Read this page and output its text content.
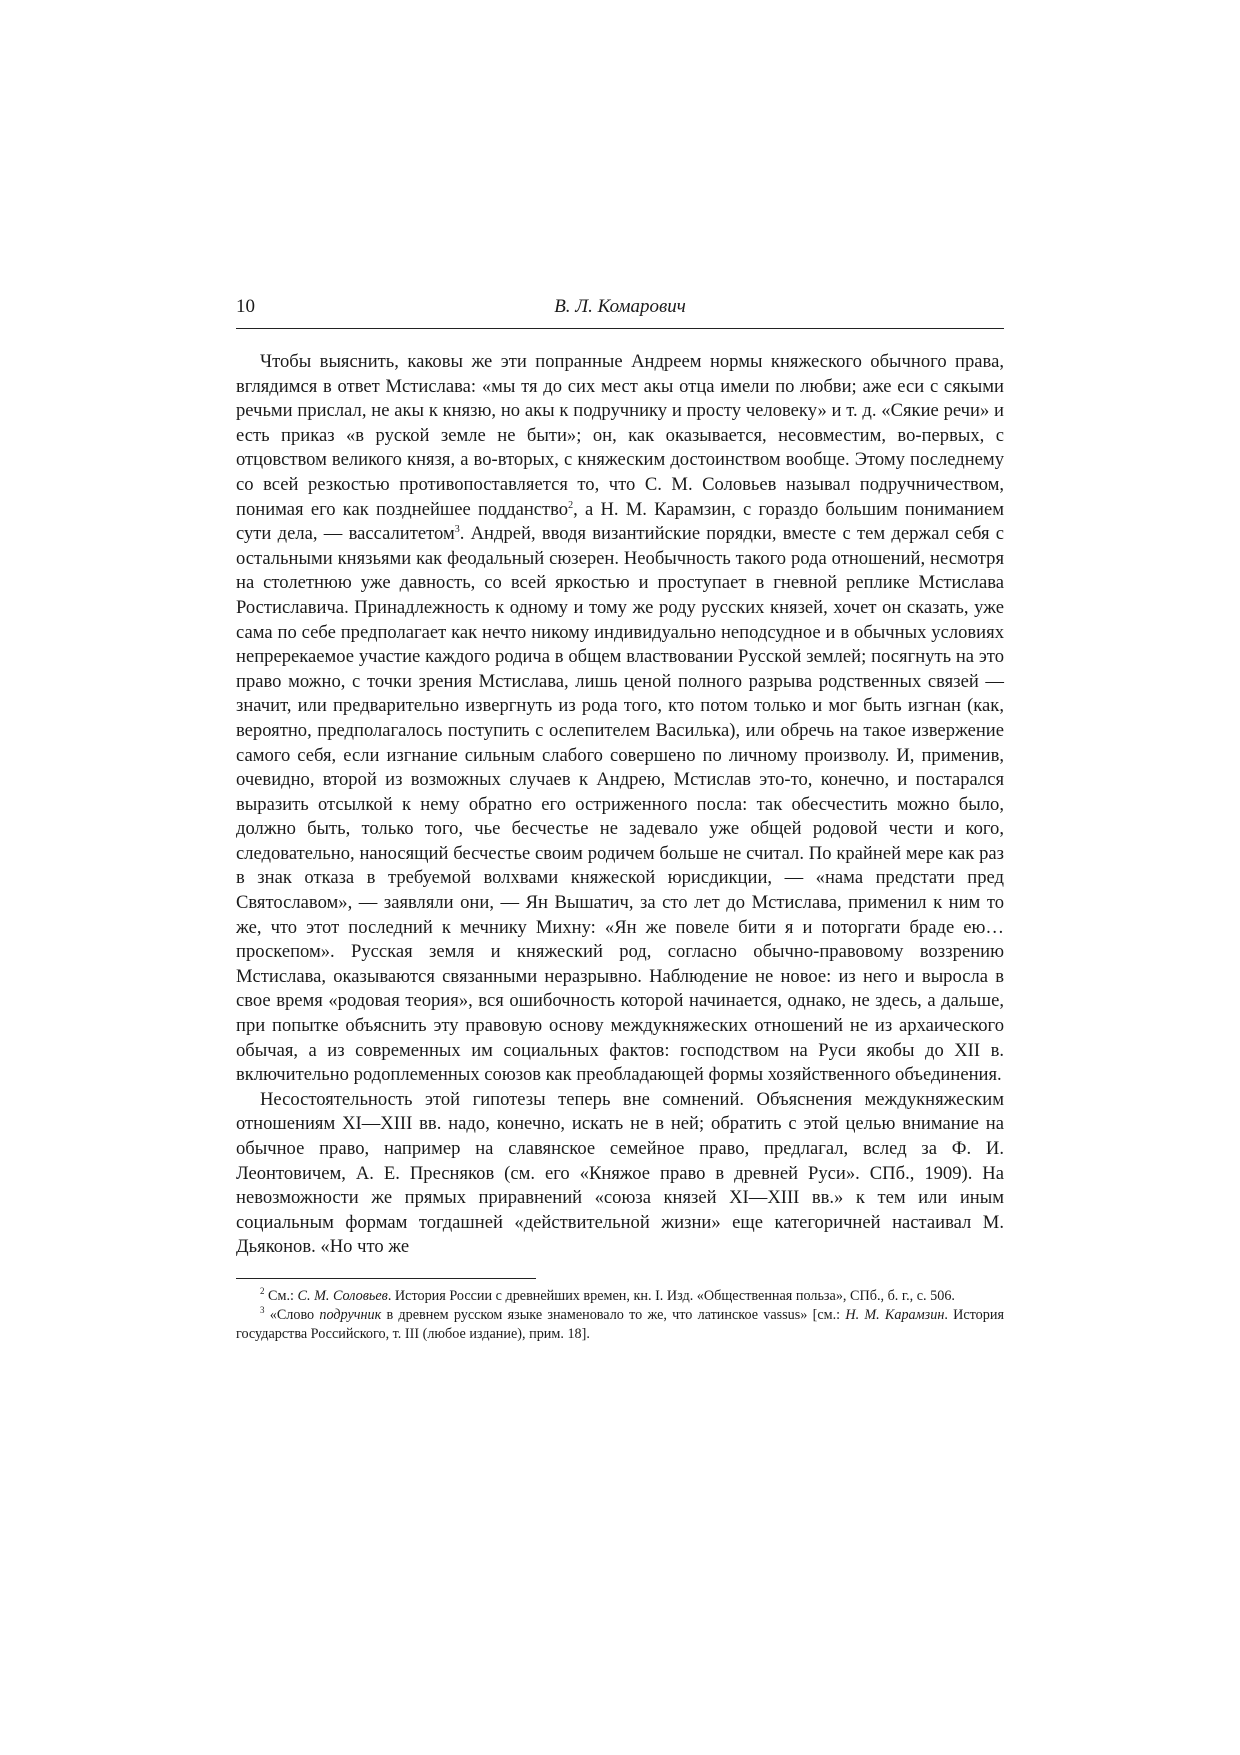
10	В. Л. Комарович

Чтобы выяснить, каковы же эти попранные Андреем нормы княжеского обычного права, вглядимся в ответ Мстислава: «мы тя до сих мест акы отца имели по любви; аже еси с сякыми речьми прислал, не акы к князю, но акы к подручнику и просту человеку» и т. д. «Сякие речи» и есть приказ «в руской земле не быти»; он, как оказывается, несовместим, во-первых, с отцовством великого князя, а во-вторых, с княжеским достоинством вообще. Этому последнему со всей резкостью противопоставляется то, что С. М. Соловьев называл подручничеством, понимая его как позднейшее подданство$^2$, а Н. М. Карамзин, с гораздо большим пониманием сути дела, — вассалитетом$^3$. Андрей, вводя византийские порядки, вместе с тем держал себя с остальными князьями как феодальный сюзерен. Необычность такого рода отношений, несмотря на столетнюю уже давность, со всей яркостью и проступает в гневной реплике Мстислава Ростиславича. Принадлежность к одному и тому же роду русских князей, хочет он сказать, уже сама по себе предполагает как нечто никому индивидуально неподсудное и в обычных условиях непререкаемое участие каждого родича в общем властвовании Русской землей; посягнуть на это право можно, с точки зрения Мстислава, лишь ценой полного разрыва родственных связей — значит, или предварительно извергнуть из рода того, кто потом только и мог быть изгнан (как, вероятно, предполагалось поступить с ослепителем Василька), или обречь на такое извержение самого себя, если изгнание сильным слабого совершено по личному произволу. И, применив, очевидно, второй из возможных случаев к Андрею, Мстислав это-то, конечно, и постарался выразить отсылкой к нему обратно его остриженного посла: так обесчестить можно было, должно быть, только того, чье бесчестье не задевало уже общей родовой чести и кого, следовательно, наносящий бесчестье своим родичем больше не считал. По крайней мере как раз в знак отказа в требуемой волхвами княжеской юрисдикции, — «нама предстати пред Святославом», — заявляли они, — Ян Вышатич, за сто лет до Мстислава, применил к ним то же, что этот последний к мечнику Михну: «Ян же повеле бити я и поторгати браде ею… проскепом». Русская земля и княжеский род, согласно обычно-правовому воззрению Мстислава, оказываются связанными неразрывно. Наблюдение не новое: из него и выросла в свое время «родовая теория», вся ошибочность которой начинается, однако, не здесь, а дальше, при попытке объяснить эту правовую основу междукняжеских отношений не из архаического обычая, а из современных им социальных фактов: господством на Руси якобы до XII в. включительно родоплеменных союзов как преобладающей формы хозяйственного объединения.

Несостоятельность этой гипотезы теперь вне сомнений. Объяснения междукняжеским отношениям XI—XIII вв. надо, конечно, искать не в ней; обратить с этой целью внимание на обычное право, например на славянское семейное право, предлагал, вслед за Ф. И. Леонтовичем, А. Е. Пресняков (см. его «Княжое право в древней Руси». СПб., 1909). На невозможности же прямых приравнений «союза князей XI—XIII вв.» к тем или иным социальным формам тогдашней «действительной жизни» еще категоричней настаивал М. Дьяконов. «Но что же

$^2$ См.: С. М. Соловьев. История России с древнейших времен, кн. I. Изд. «Общественная польза», СПб., б. г., с. 506.

$^3$ «Слово подручник в древнем русском языке знаменовало то же, что латинское vassus» [см.: Н. М. Карамзин. История государства Российского, т. III (любое издание), прим. 18].
